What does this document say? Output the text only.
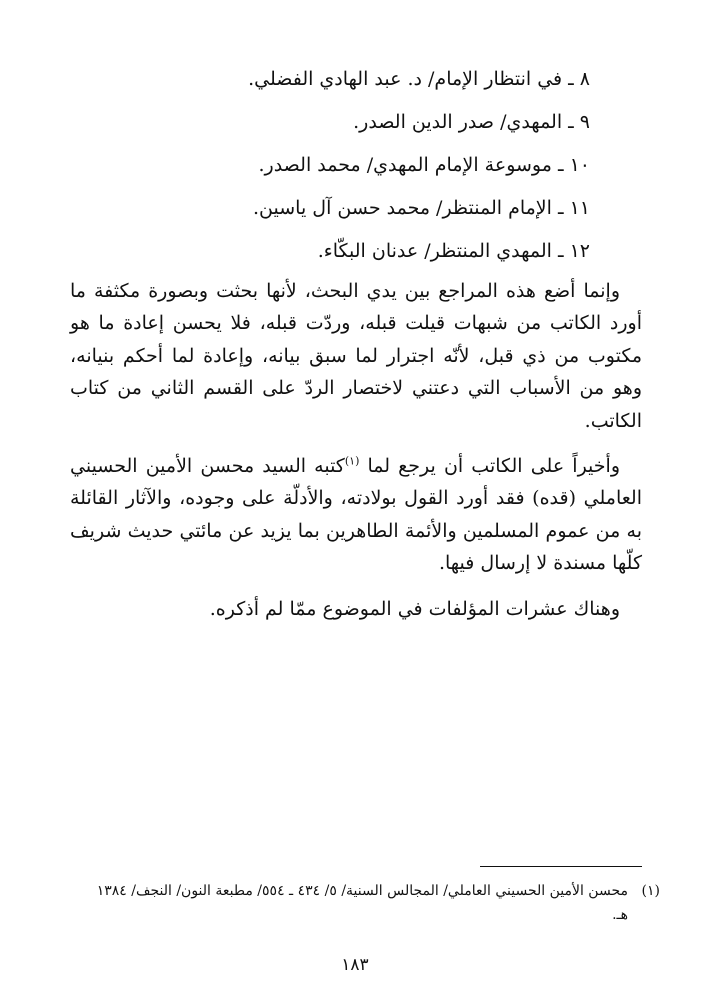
٨ ـ في انتظار الإمام/ د. عبد الهادي الفضلي.
٩ ـ المهدي/ صدر الدين الصدر.
١٠ ـ موسوعة الإمام المهدي/ محمد الصدر.
١١ ـ الإمام المنتظر/ محمد حسن آل ياسين.
١٢ ـ المهدي المنتظر/ عدنان البكّاء.

وإنما أضع هذه المراجع بين يدي البحث، لأنها بحثت وبصورة مكثفة ما أورد الكاتب من شبهات قيلت قبله، وردّت قبله، فلا يحسن إعادة ما هو مكتوب من ذي قبل، لأنّه اجترار لما سبق بيانه، وإعادة لما أحكم بنيانه، وهو من الأسباب التي دعتني لاختصار الردّ على القسم الثاني من كتاب الكاتب.

وأخيراً على الكاتب أن يرجع لما $^{(١)}$كتبه السيد محسن الأمين الحسيني العاملي (قده) فقد أورد القول بولادته، والأدلّة على وجوده، والآثار القائلة به من عموم المسلمين والأئمة الطاهرين بما يزيد عن مائتي حديث شريف كلّها مسندة لا إرسال فيها.

وهناك عشرات المؤلفات في الموضوع ممّا لم أذكره.

(١)
محسن الأمين الحسيني العاملي/ المجالس السنية/ ٥/ ٤٣٤ ـ ٥٥٤/ مطبعة النون/ النجف/ ١٣٨٤ هـ.
١٨٣
